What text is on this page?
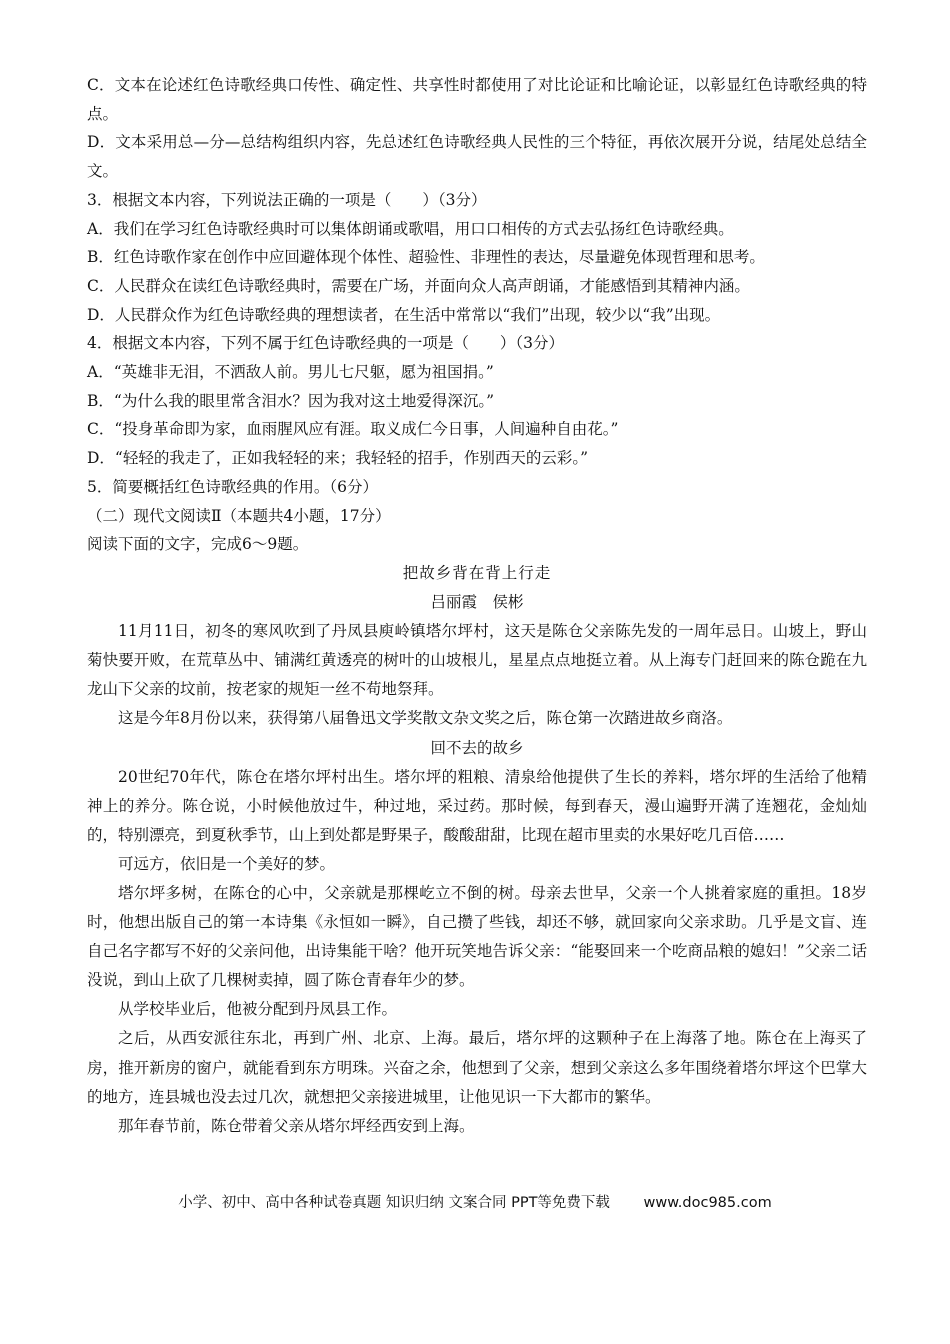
C．文本在论述红色诗歌经典口传性、确定性、共享性时都使用了对比论证和比喻论证，以彰显红色诗歌经典的特点。

D．文本采用总—分—总结构组织内容，先总述红色诗歌经典人民性的三个特征，再依次展开分说，结尾处总结全文。

3．根据文本内容，下列说法正确的一项是（　　）（3分）

A．我们在学习红色诗歌经典时可以集体朗诵或歌唱，用口口相传的方式去弘扬红色诗歌经典。

B．红色诗歌作家在创作中应回避体现个体性、超验性、非理性的表达，尽量避免体现哲理和思考。

C．人民群众在读红色诗歌经典时，需要在广场，并面向众人高声朗诵，才能感悟到其精神内涵。

D．人民群众作为红色诗歌经典的理想读者，在生活中常常以“我们”出现，较少以“我”出现。

4．根据文本内容，下列不属于红色诗歌经典的一项是（　　）（3分）

A．“英雄非无泪，不洒敌人前。男儿七尺躯，愿为祖国捐。”

B．“为什么我的眼里常含泪水？因为我对这土地爱得深沉。”

C．“投身革命即为家，血雨腥风应有涯。取义成仁今日事，人间遍种自由花。”

D．“轻轻的我走了，正如我轻轻的来；我轻轻的招手，作别西天的云彩。”

5．简要概括红色诗歌经典的作用。（6分）

（二）现代文阅读Ⅱ（本题共4小题，17分）

阅读下面的文字，完成6～9题。

把故乡背在背上行走

吕丽霞　侯彬

11月11日，初冬的寒风吹到了丹凤县庾岭镇塔尔坪村，这天是陈仓父亲陈先发的一周年忌日。山坡上，野山菊快要开败，在荒草丛中、铺满红黄透亮的树叶的山坡根儿，星星点点地挺立着。从上海专门赶回来的陈仓跪在九龙山下父亲的坟前，按老家的规矩一丝不苟地祭拜。

这是今年8月份以来，获得第八届鲁迅文学奖散文杂文奖之后，陈仓第一次踏进故乡商洛。

回不去的故乡

20世纪70年代，陈仓在塔尔坪村出生。塔尔坪的粗粮、清泉给他提供了生长的养料，塔尔坪的生活给了他精神上的养分。陈仓说，小时候他放过牛，种过地，采过药。那时候，每到春天，漫山遍野开满了连翘花，金灿灿的，特别漂亮，到夏秋季节，山上到处都是野果子，酸酸甜甜，比现在超市里卖的水果好吃几百倍……

可远方，依旧是一个美好的梦。

塔尔坪多树，在陈仓的心中，父亲就是那棵屹立不倒的树。母亲去世早，父亲一个人挑着家庭的重担。18岁时，他想出版自己的第一本诗集《永恒如一瞬》，自己攒了些钱，却还不够，就回家向父亲求助。几乎是文盲、连自己名字都写不好的父亲问他，出诗集能干啥？他开玩笑地告诉父亲：“能娶回来一个吃商品粮的媳妇！”父亲二话没说，到山上砍了几棵树卖掉，圆了陈仓青春年少的梦。

从学校毕业后，他被分配到丹凤县工作。

之后，从西安派往东北，再到广州、北京、上海。最后，塔尔坪的这颗种子在上海落了地。陈仓在上海买了房，推开新房的窗户，就能看到东方明珠。兴奋之余，他想到了父亲，想到父亲这么多年围绕着塔尔坪这个巴掌大的地方，连县城也没去过几次，就想把父亲接进城里，让他见识一下大都市的繁华。

那年春节前，陈仓带着父亲从塔尔坪经西安到上海。

小学、初中、高中各种试卷真题 知识归纳 文案合同 PPT等免费下载 www.doc985.com
